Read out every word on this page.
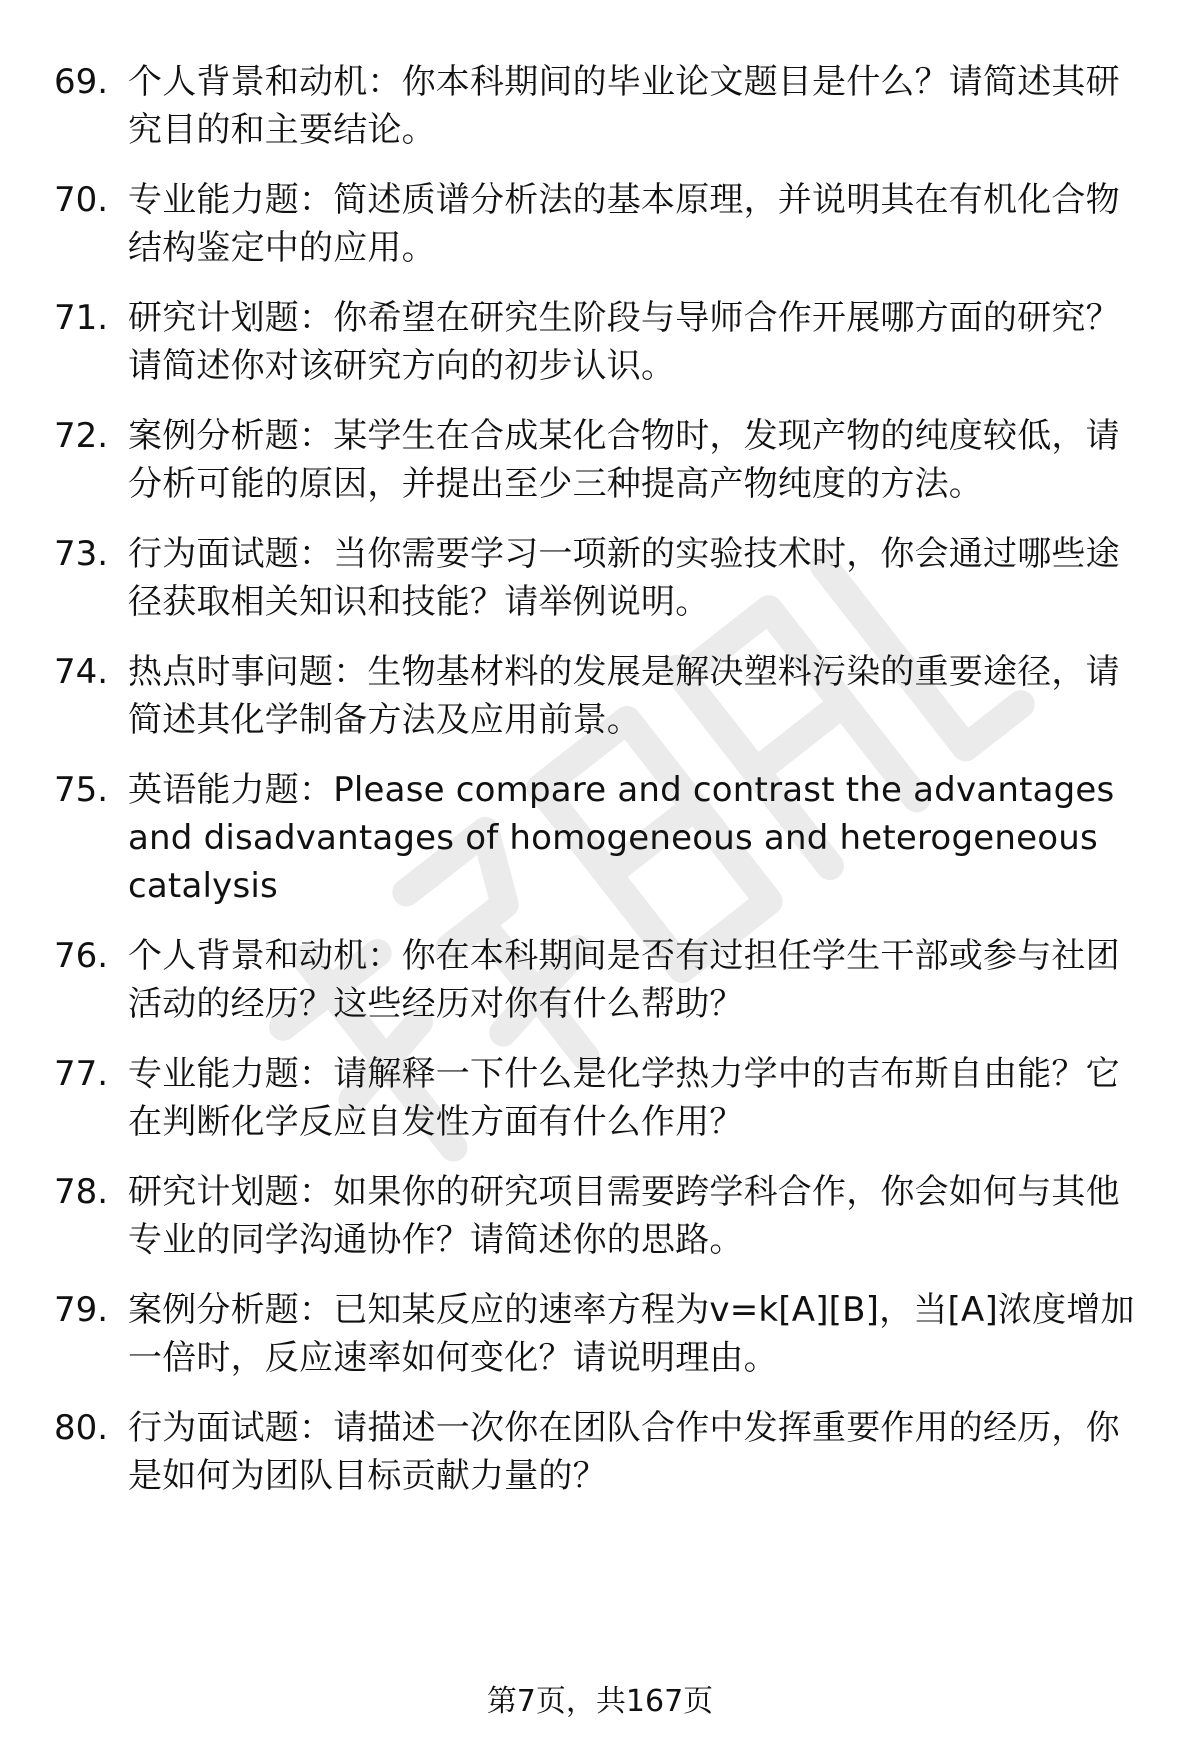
69. 个人背景和动机：你本科期间的毕业论文题目是什么？请简述其研究目的和主要结论。
70. 专业能力题：简述质谱分析法的基本原理，并说明其在有机化合物结构鉴定中的应用。
71. 研究计划题：你希望在研究生阶段与导师合作开展哪方面的研究？请简述你对该研究方向的初步认识。
72. 案例分析题：某学生在合成某化合物时，发现产物的纯度较低，请分析可能的原因，并提出至少三种提高产物纯度的方法。
73. 行为面试题：当你需要学习一项新的实验技术时，你会通过哪些途径获取相关知识和技能？请举例说明。
74. 热点时事问题：生物基材料的发展是解决塑料污染的重要途径，请简述其化学制备方法及应用前景。
75. 英语能力题：Please compare and contrast the advantages and disadvantages of homogeneous and heterogeneous catalysis
76. 个人背景和动机：你在本科期间是否有过担任学生干部或参与社团活动的经历？这些经历对你有什么帮助？
77. 专业能力题：请解释一下什么是化学热力学中的吉布斯自由能？它在判断化学反应自发性方面有什么作用？
78. 研究计划题：如果你的研究项目需要跨学科合作，你会如何与其他专业的同学沟通协作？请简述你的思路。
79. 案例分析题：已知某反应的速率方程为v=k[A][B]，当[A]浓度增加一倍时，反应速率如何变化？请说明理由。
80. 行为面试题：请描述一次你在团队合作中发挥重要作用的经历，你是如何为团队目标贡献力量的？
第7页，共167页
